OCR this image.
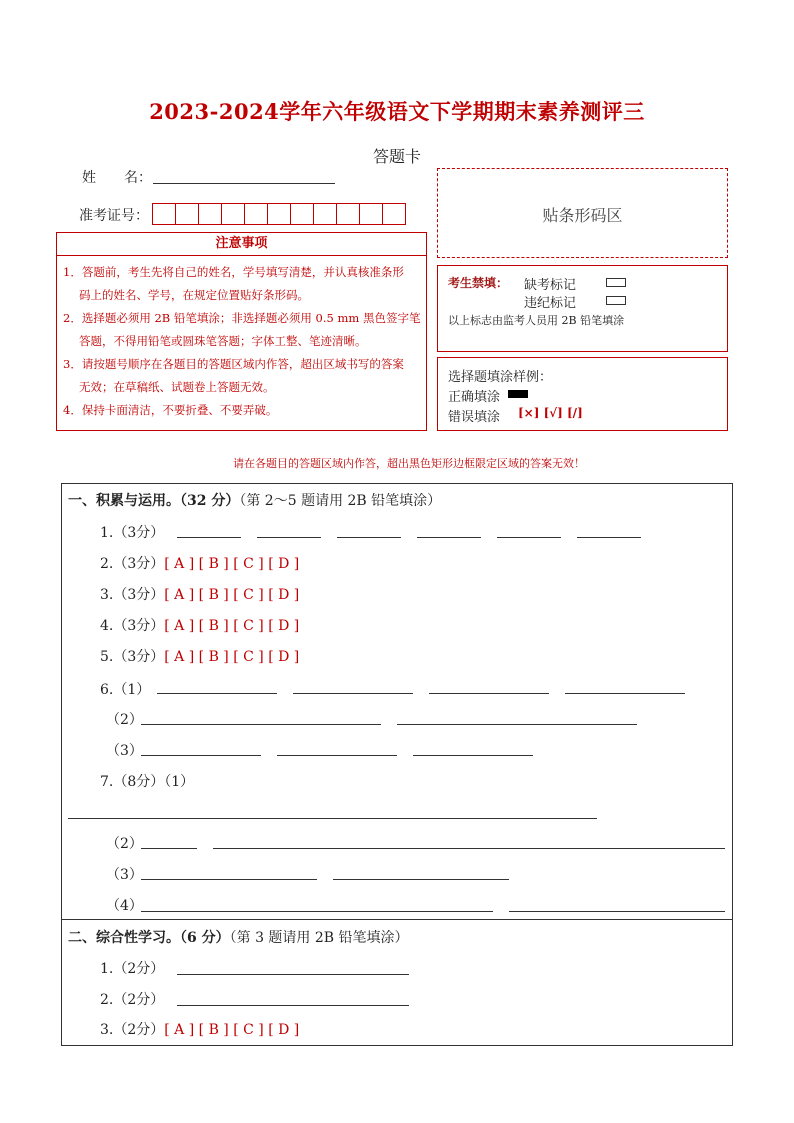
2023-2024学年六年级语文下学期期末素养测评三
答题卡
姓　　名：
准考证号：	贴条形码区
注意事项
1．答题前，考生先将自己的姓名，学号填写清楚，并认真核准条形
码上的姓名、学号，在规定位置贴好条形码。
2．选择题必须用 2B 铅笔填涂；非选择题必须用 0.5 mm 黑色签字笔
答题，不得用铅笔或圆珠笔答题；字体工整、笔迹清晰。
3．请按题号顺序在各题目的答题区域内作答，超出区域书写的答案
无效；在草稿纸、试题卷上答题无效。
4．保持卡面清洁，不要折叠、不要弄破。
考生禁填： 缺考标记
违纪标记
以上标志由监考人员用 2B 铅笔填涂
选择题填涂样例：
正确填涂
错误填涂 [×] [√] [/]
请在各题目的答题区域内作答，超出黑色矩形边框限定区域的答案无效！
一、积累与运用。（32 分）（第 2～5 题请用 2B 铅笔填涂）
1.（3分）
2.（3分）[ A ] [ B ] [ C ] [ D ]
3.（3分）[ A ] [ B ] [ C ] [ D ]
4.（3分）[ A ] [ B ] [ C ] [ D ]
5.（3分）[ A ] [ B ] [ C ] [ D ]
6.（1）
（2）
（3）
7.（8分）（1）
（2）
（3）
（4）
二、综合性学习。（6 分）（第 3 题请用 2B 铅笔填涂）
1.（2分）
2.（2分）
3.（2分）[ A ] [ B ] [ C ] [ D ]
